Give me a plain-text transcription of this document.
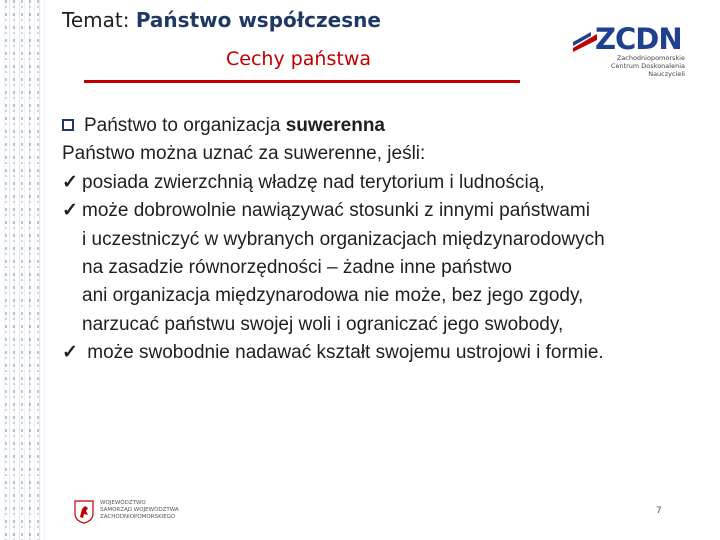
Temat: Państwo współczesne
Cechy państwa
ZCDN
Zachodniopomorskie
Centrum Doskonalenia Nauczycieli

Państwo to organizacja suwerenna

Państwo można uznać za suwerenne, jeśli:

✓ posiada zwierzchnią władzę nad terytorium i ludnością,

✓ może dobrowolnie nawiązywać stosunki z innymi państwami

i uczestniczyć w wybranych organizacjach międzynarodowych

na zasadzie równorzędności – żadne inne państwo

ani organizacja międzynarodowa nie może, bez jego zgody,

narzucać państwu swojej woli i ograniczać jego swobody,

✓ może swobodnie nadawać kształt swojemu ustrojowi i formie.

WOJEWÓDZTWO
SAMORZĄD WOJEWÓDZTWA
ZACHODNIOPOMORSKIEGO
7
